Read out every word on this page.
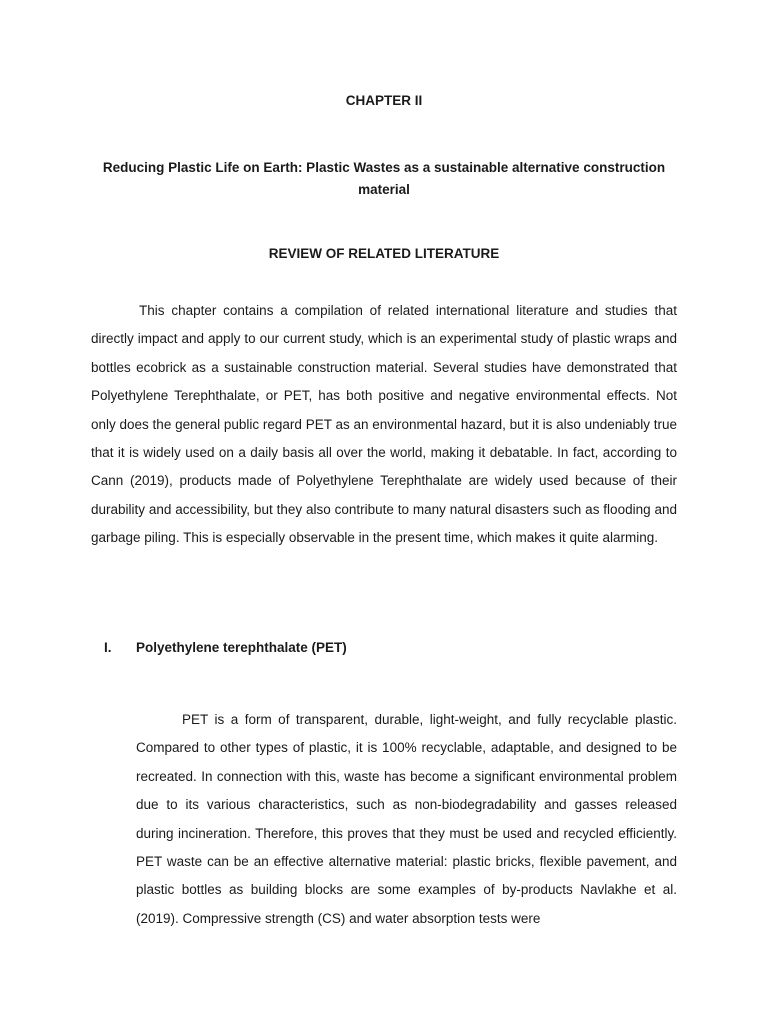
CHAPTER II
Reducing Plastic Life on Earth: Plastic Wastes as a sustainable alternative construction material
REVIEW OF RELATED LITERATURE

This chapter contains a compilation of related international literature and studies that directly impact and apply to our current study, which is an experimental study of plastic wraps and bottles ecobrick as a sustainable construction material. Several studies have demonstrated that Polyethylene Terephthalate, or PET, has both positive and negative environmental effects. Not only does the general public regard PET as an environmental hazard, but it is also undeniably true that it is widely used on a daily basis all over the world, making it debatable. In fact, according to Cann (2019), products made of Polyethylene Terephthalate are widely used because of their durability and accessibility, but they also contribute to many natural disasters such as flooding and garbage piling. This is especially observable in the present time, which makes it quite alarming.

I. Polyethylene terephthalate (PET)

PET is a form of transparent, durable, light-weight, and fully recyclable plastic. Compared to other types of plastic, it is 100% recyclable, adaptable, and designed to be recreated. In connection with this, waste has become a significant environmental problem due to its various characteristics, such as non-biodegradability and gasses released during incineration. Therefore, this proves that they must be used and recycled efficiently. PET waste can be an effective alternative material: plastic bricks, flexible pavement, and plastic bottles as building blocks are some examples of by-products Navlakhe et al. (2019). Compressive strength (CS) and water absorption tests were
